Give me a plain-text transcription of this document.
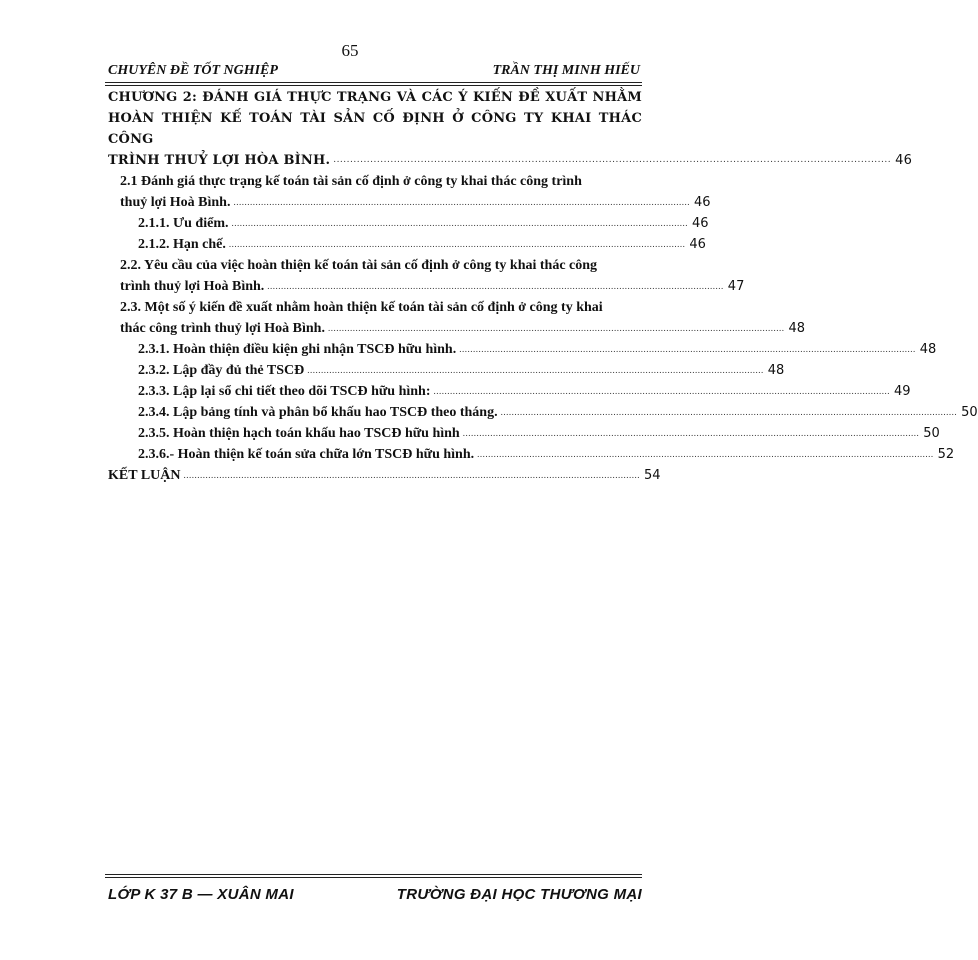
65
CHUYÊN ĐỀ TỐT NGHIỆP	TRẦN THỊ MINH HIẾU
CHƯƠNG 2: ĐÁNH GIÁ THỰC TRẠNG VÀ CÁC Ý KIẾN ĐỀ XUẤT NHẰM
HOÀN THIỆN KẾ TOÁN TÀI SẢN CỐ ĐỊNH Ở CÔNG TY KHAI THÁC CÔNG
TRÌNH THUỶ LỢI HÒA BÌNH. ...................................................................................................................................................................... 46
2.1 Đánh giá thực trạng kế toán tài sản cố định ở công ty khai thác công trình
thuỷ lợi Hoà Bình. ...................................................................................................................................................................... 46
2.1.1. Ưu điểm. ...................................................................................................................................................................... 46
2.1.2. Hạn chế. ...................................................................................................................................................................... 46
2.2. Yêu cầu của việc hoàn thiện kế toán tài sản cố định ở công ty khai thác công
trình thuỷ lợi Hoà Bình. ...................................................................................................................................................................... 47
2.3. Một số ý kiến đề xuất nhằm hoàn thiện kế toán tài sản cố định ở công ty khai
thác công trình thuỷ lợi Hoà Bình. ...................................................................................................................................................................... 48
2.3.1. Hoàn thiện điều kiện ghi nhận TSCĐ hữu hình. ...................................................................................................................................................................... 48
2.3.2. Lập đầy đủ thẻ TSCĐ ...................................................................................................................................................................... 48
2.3.3. Lập lại sổ chi tiết theo dõi TSCĐ hữu hình: ...................................................................................................................................................................... 49
2.3.4. Lập bảng tính và phân bổ khấu hao TSCĐ theo tháng. ...................................................................................................................................................................... 50
2.3.5. Hoàn thiện hạch toán khấu hao TSCĐ hữu hình ...................................................................................................................................................................... 50
2.3.6.- Hoàn thiện kế toán sửa chữa lớn TSCĐ hữu hình. ...................................................................................................................................................................... 52
KẾT LUẬN ...................................................................................................................................................................... 54
LỚP K 37 B — XUÂN MAI	TRƯỜNG ĐẠI HỌC THƯƠNG MẠI
